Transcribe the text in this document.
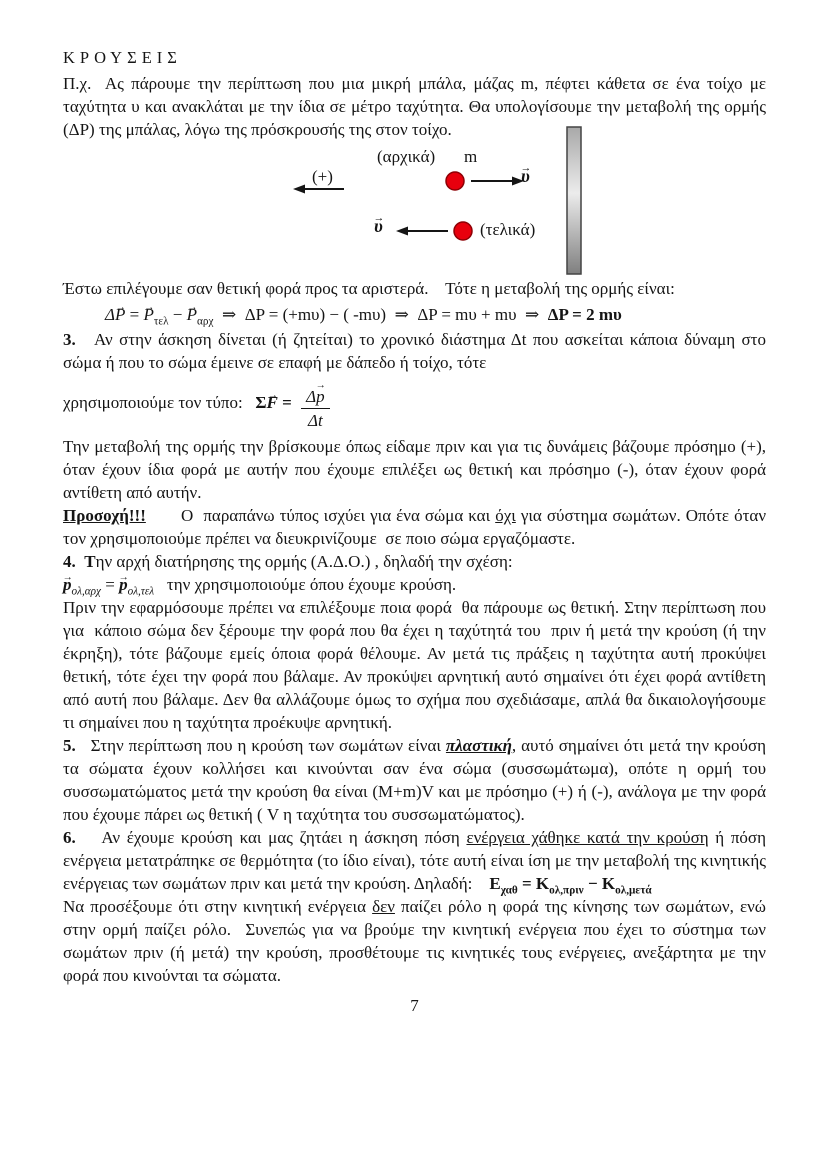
ΚΡΟΥΣΕΙΣ

Π.χ.  Ας πάρουμε την περίπτωση που μια μικρή μπάλα, μάζας m, πέφτει κάθετα σε ένα τοίχο με ταχύτητα υ και ανακλάται με την ίδια σε μέτρο ταχύτητα. Θα υπολογίσουμε την μεταβολή της ορμής (ΔΡ) της μπάλας, λόγω της πρόσκρουσής της στον τοίχο.

(αρχικά) m
(+)	υ →
υ →	(τελικά)

Έστω επιλέγουμε σαν θετική φορά προς τα αριστερά.    Τότε η μεταβολή της ορμής είναι:

ΔP → = $P \to_{\tau\varepsilon\lambda} - P \to_{\alpha\rho\chi}$  ⇒  ΔP = (+mυ) − ( -mυ)  ⇒  ΔP = mυ + mυ  ⇒  ΔP = 2 mυ

3.   Αν στην άσκηση δίνεται (ή ζητείται) το χρονικό διάστημα Δt που ασκείται κάποια δύναμη στο σώμα ή που το σώμα έμεινε σε επαφή με δάπεδο ή τοίχο, τότε

χρησιμοποιούμε τον τύπο:   ΣF → = $\frac{\Delta p \to}{\Delta t}$

Την μεταβολή της ορμής την βρίσκουμε όπως είδαμε πριν και για τις δυνάμεις βάζουμε πρόσημο (+), όταν έχουν ίδια φορά με αυτήν που έχουμε επιλέξει ως θετική και πρόσημο (-), όταν έχουν φορά αντίθετη από αυτήν.

Προσοχή!!!       Ο  παραπάνω τύπος ισχύει για ένα σώμα και όχι για σύστημα σωμάτων. Οπότε όταν τον χρησιμοποιούμε πρέπει να διευκρινίζουμε  σε ποιο σώμα εργαζόμαστε.

4. Την αρχή διατήρησης της ορμής (Α.Δ.Ο.) , δηλαδή την σχέση:

$p \to_{o\lambda,\alpha\rho\chi} = p \to_{o\lambda,\tau\varepsilon\lambda}$   την χρησιμοποιούμε όπου έχουμε κρούση.

Πριν την εφαρμόσουμε πρέπει να επιλέξουμε ποια φορά  θα πάρουμε ως θετική. Στην περίπτωση που για  κάποιο σώμα δεν ξέρουμε την φορά που θα έχει η ταχύτητά του  πριν ή μετά την κρούση (ή την έκρηξη), τότε βάζουμε εμείς όποια φορά θέλουμε. Αν μετά τις πράξεις η ταχύτητα αυτή προκύψει θετική, τότε έχει την φορά που βάλαμε. Αν προκύψει αρνητική αυτό σημαίνει ότι έχει φορά αντίθετη από αυτή που βάλαμε. Δεν θα αλλάζουμε όμως το σχήμα που σχεδιάσαμε, απλά θα δικαιολογήσουμε τι σημαίνει που η ταχύτητα προέκυψε αρνητική.

5.   Στην περίπτωση που η κρούση των σωμάτων είναι πλαστική, αυτό σημαίνει ότι μετά την κρούση τα σώματα έχουν κολλήσει και κινούνται σαν ένα σώμα (συσσωμάτωμα), οπότε η ορμή του συσσωματώματος μετά την κρούση θα είναι (M+m)V και με πρόσημο (+) ή (-), ανάλογα με την φορά που έχουμε πάρει ως θετική ( V η ταχύτητα του συσσωματώματος).

6.    Αν έχουμε κρούση και μας ζητάει η άσκηση πόση ενέργεια χάθηκε κατά την κρούση ή πόση ενέργεια μετατράπηκε σε θερμότητα (το ίδιο είναι), τότε αυτή είναι ίση με την μεταβολή της κινητικής ενέργειας των σωμάτων πριν και μετά την κρούση. Δηλαδή:    $E_{\chi\alpha\theta} = K_{o\lambda,\pi\rho\iota\nu} - K_{o\lambda,\mu\varepsilon\tau ά}$

Να προσέξουμε ότι στην κινητική ενέργεια δεν παίζει ρόλο η φορά της κίνησης των σωμάτων, ενώ στην ορμή παίζει ρόλο.  Συνεπώς για να βρούμε την κινητική ενέργεια που έχει το σύστημα των σωμάτων πριν (ή μετά) την κρούση, προσθέτουμε τις κινητικές τους ενέργειες, ανεξάρτητα με την φορά που κινούνται τα σώματα.

7
